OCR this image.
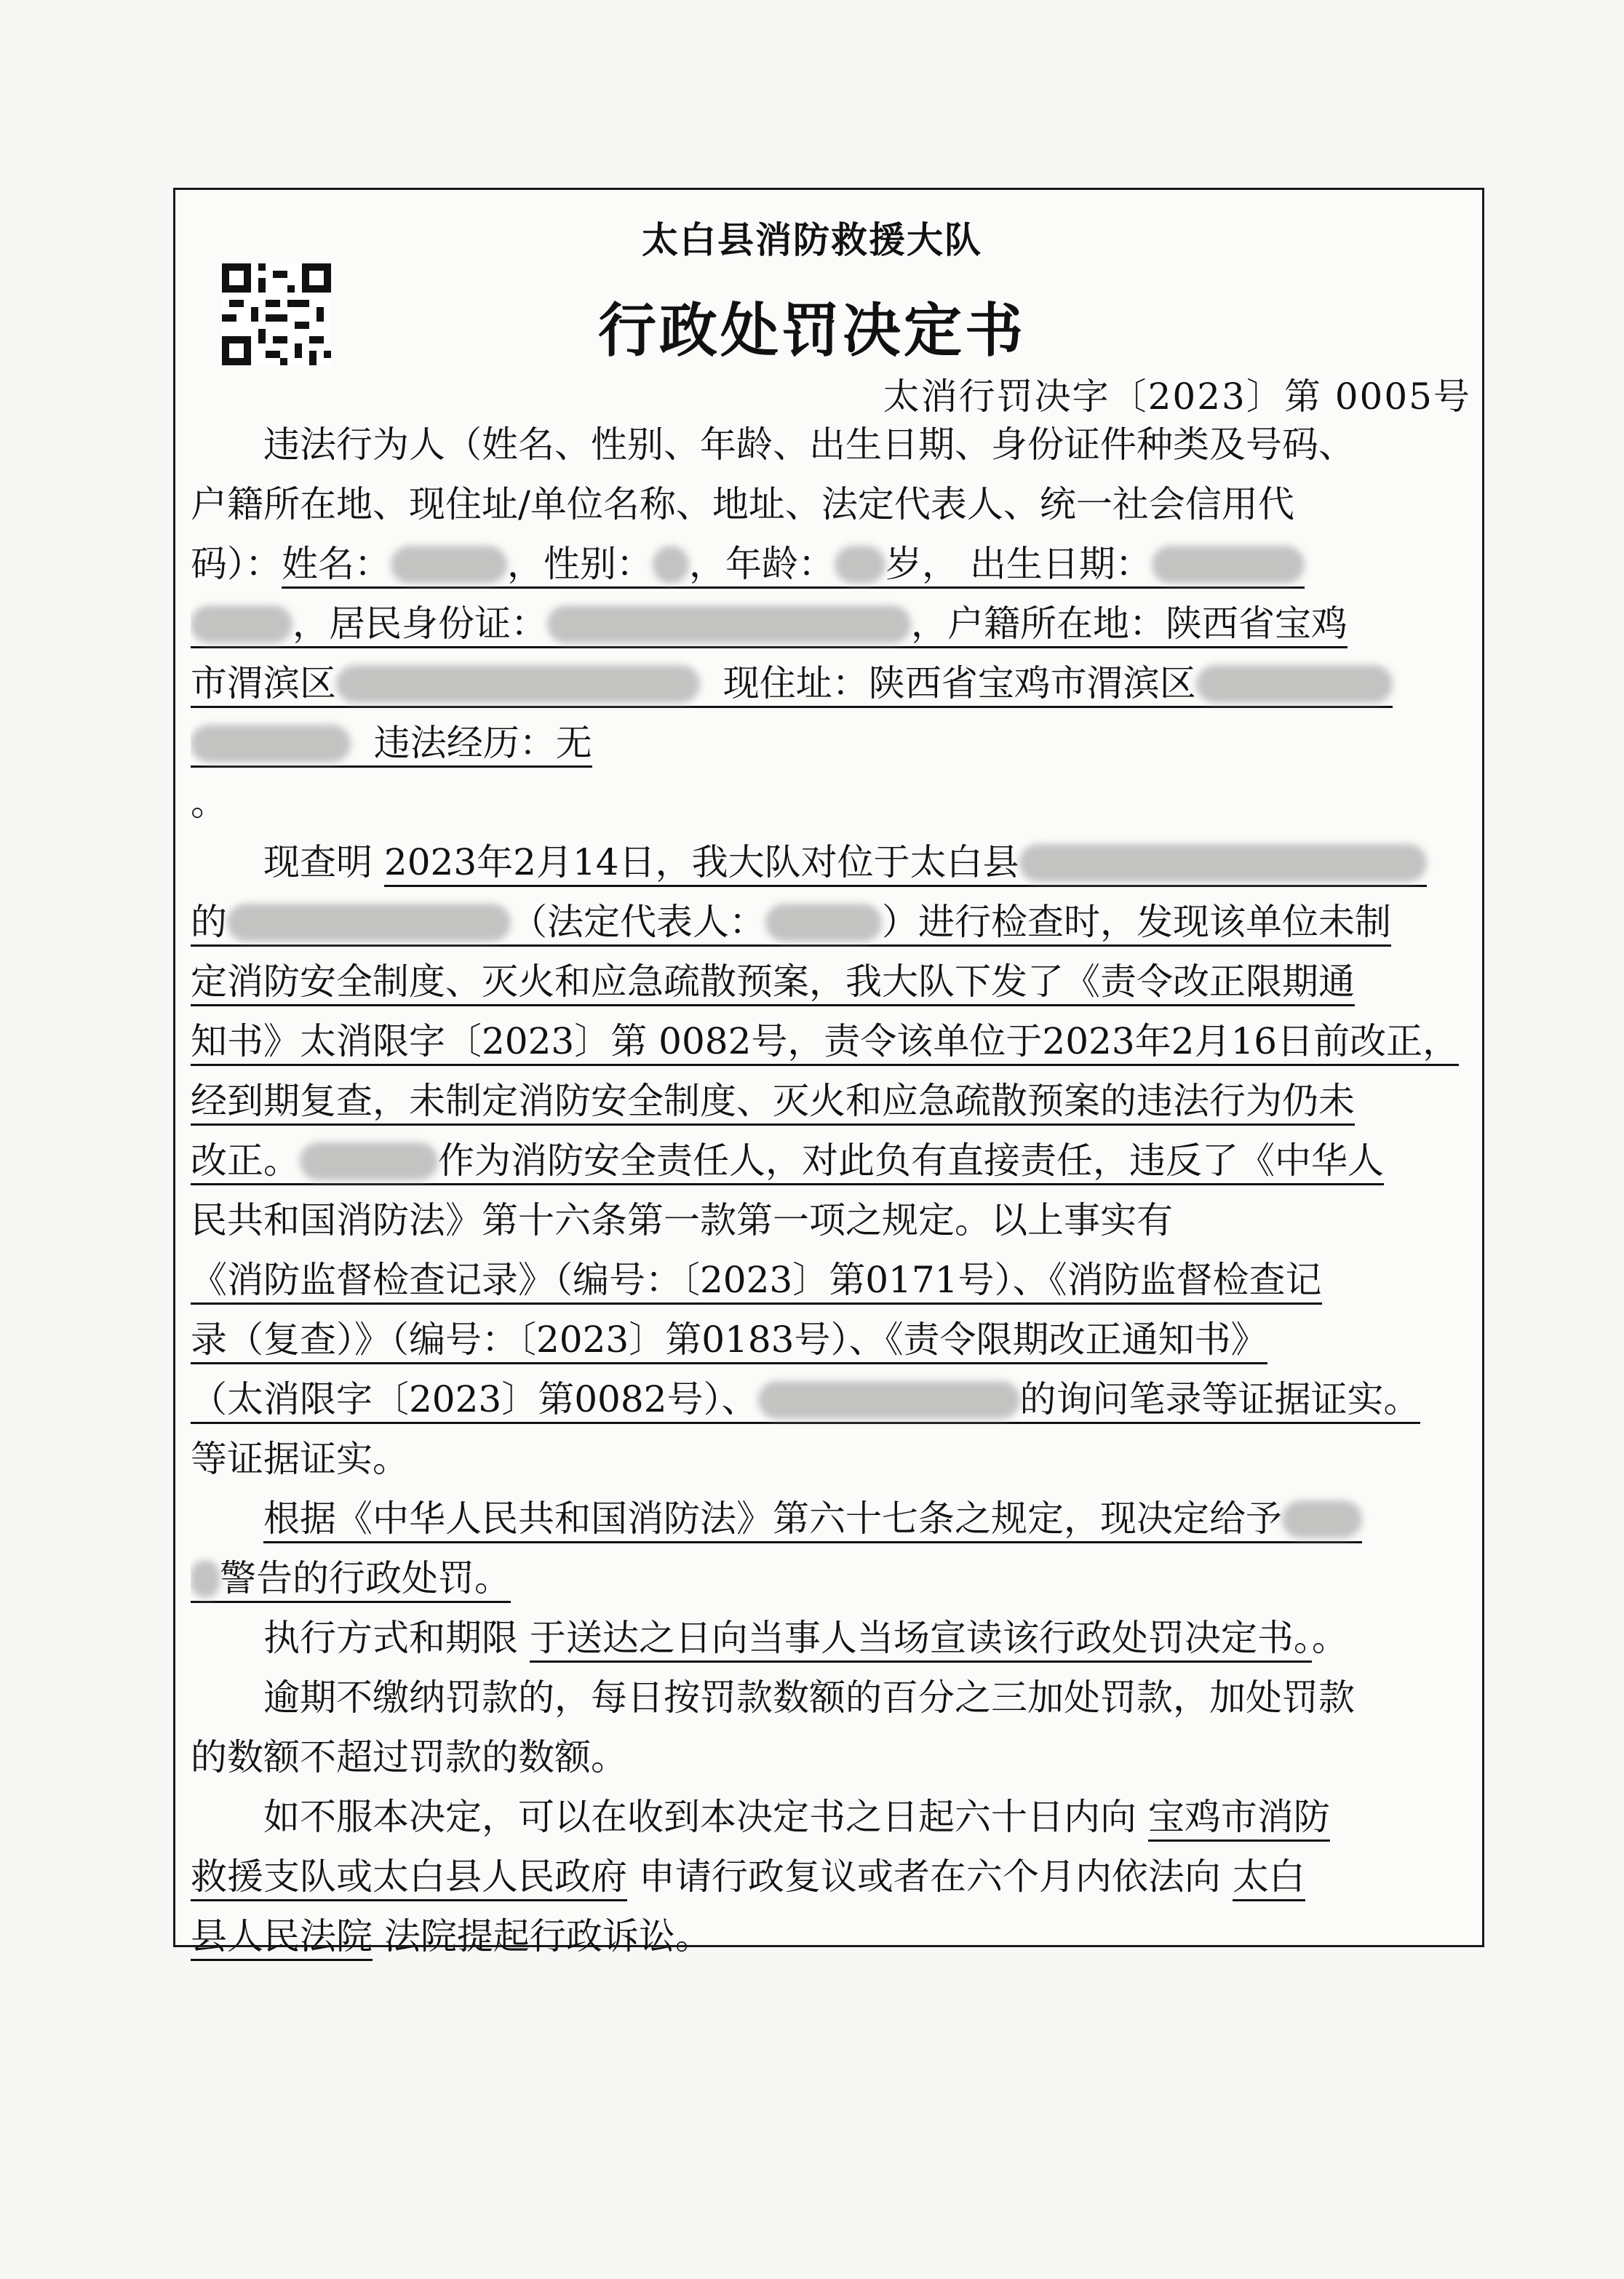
太白县消防救援大队
行政处罚决定书
太消行罚决字〔2023〕第 0005号
违法行为人（姓名、性别、年龄、出生日期、身份证件种类及号码、
户籍所在地、现住址/单位名称、地址、法定代表人、统一社会信用代
码）：姓名：	，性别： ，年龄： 岁， 出生日期：
，居民身份证：	，户籍所在地：陕西省宝鸡
市渭滨区	现住址：陕西省宝鸡市渭滨区
违法经历：无
。
现查明 2023年2月14日，我大队对位于太白县
的	（法定代表人：	）进行检查时，发现该单位未制
定消防安全制度、灭火和应急疏散预案，我大队下发了《责令改正限期通
知书》太消限字〔2023〕第 0082号，责令该单位于2023年2月16日前改正，
经到期复查，未制定消防安全制度、灭火和应急疏散预案的违法行为仍未
改正。	作为消防安全责任人，对此负有直接责任，违反了《中华人
民共和国消防法》第十六条第一款第一项之规定。以上事实有
《消防监督检查记录》（编号：〔2023〕第0171号）、《消防监督检查记
录（复查）》（编号：〔2023〕第0183号）、《责令限期改正通知书》
（太消限字〔2023〕第0082号）、	的询问笔录等证据证实。
等证据证实。
根据《中华人民共和国消防法》第六十七条之规定，现决定给予
警告的行政处罚。
执行方式和期限 于送达之日向当事人当场宣读该行政处罚决定书。。
逾期不缴纳罚款的，每日按罚款数额的百分之三加处罚款，加处罚款
的数额不超过罚款的数额。
如不服本决定，可以在收到本决定书之日起六十日内向 宝鸡市消防
救援支队或太白县人民政府 申请行政复议或者在六个月内依法向 太白
县人民法院 法院提起行政诉讼。
